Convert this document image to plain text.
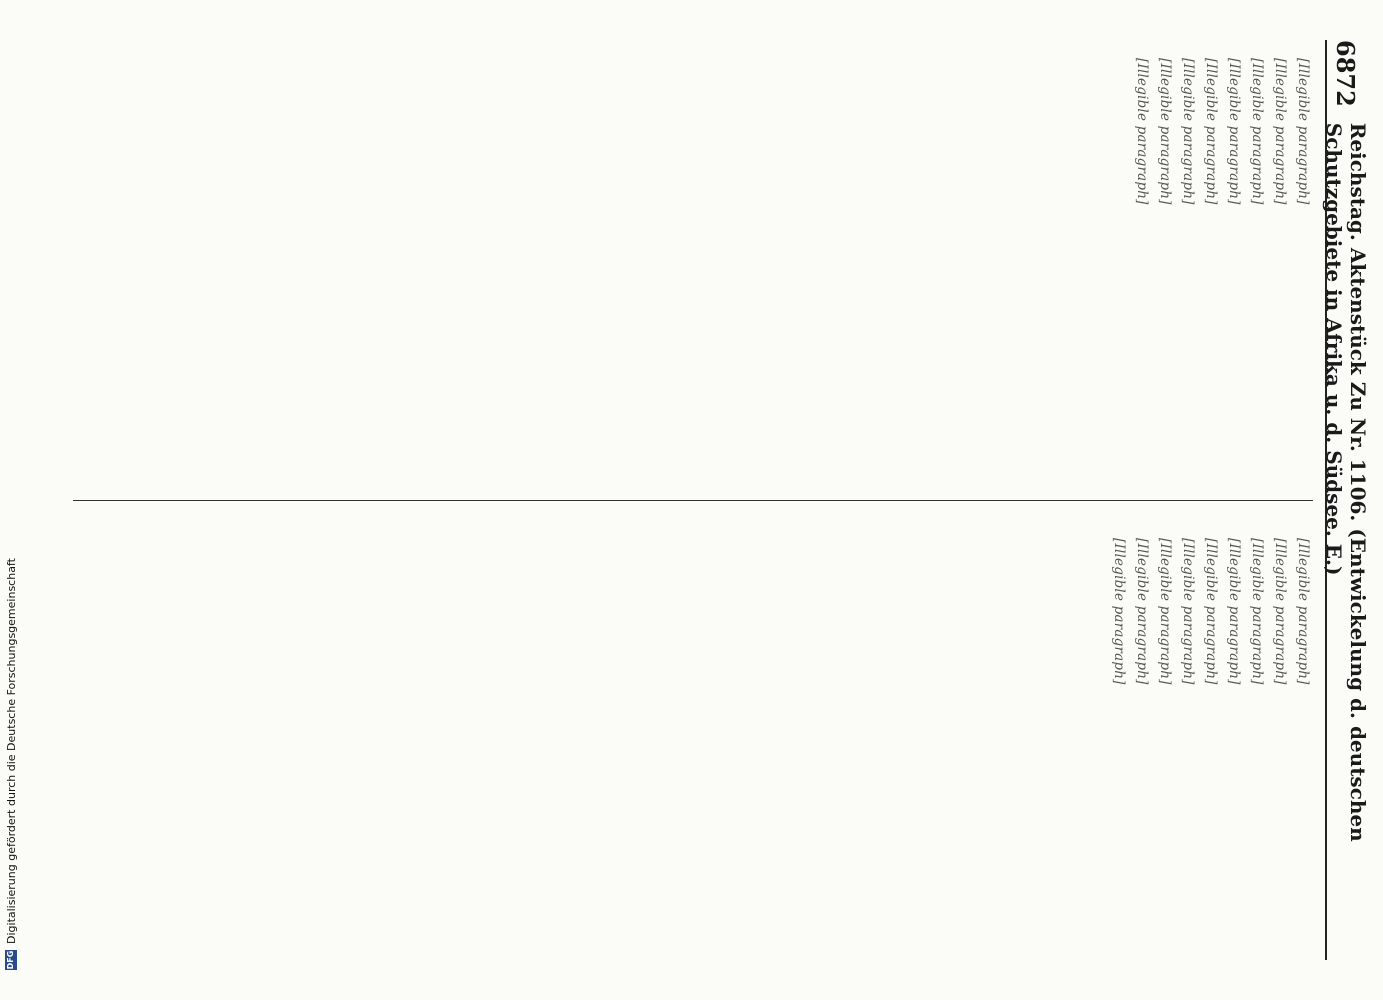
6872
Reichstag. Aktenstück Zu Nr. 1106. (Entwickelung d. deutschen Schutzgebiete in Afrika u. d. Südsee. E.)

[Illegible paragraph]

[Illegible paragraph]

[Illegible paragraph]

[Illegible paragraph]

[Illegible paragraph]

[Illegible paragraph]

[Illegible paragraph]

[Illegible paragraph]

[Illegible paragraph]

[Illegible paragraph]

[Illegible paragraph]

[Illegible paragraph]

[Illegible paragraph]

[Illegible paragraph]

[Illegible paragraph]

[Illegible paragraph]

[Illegible paragraph]

DFG
Digitalisierung gefördert durch die Deutsche Forschungsgemeinschaft
